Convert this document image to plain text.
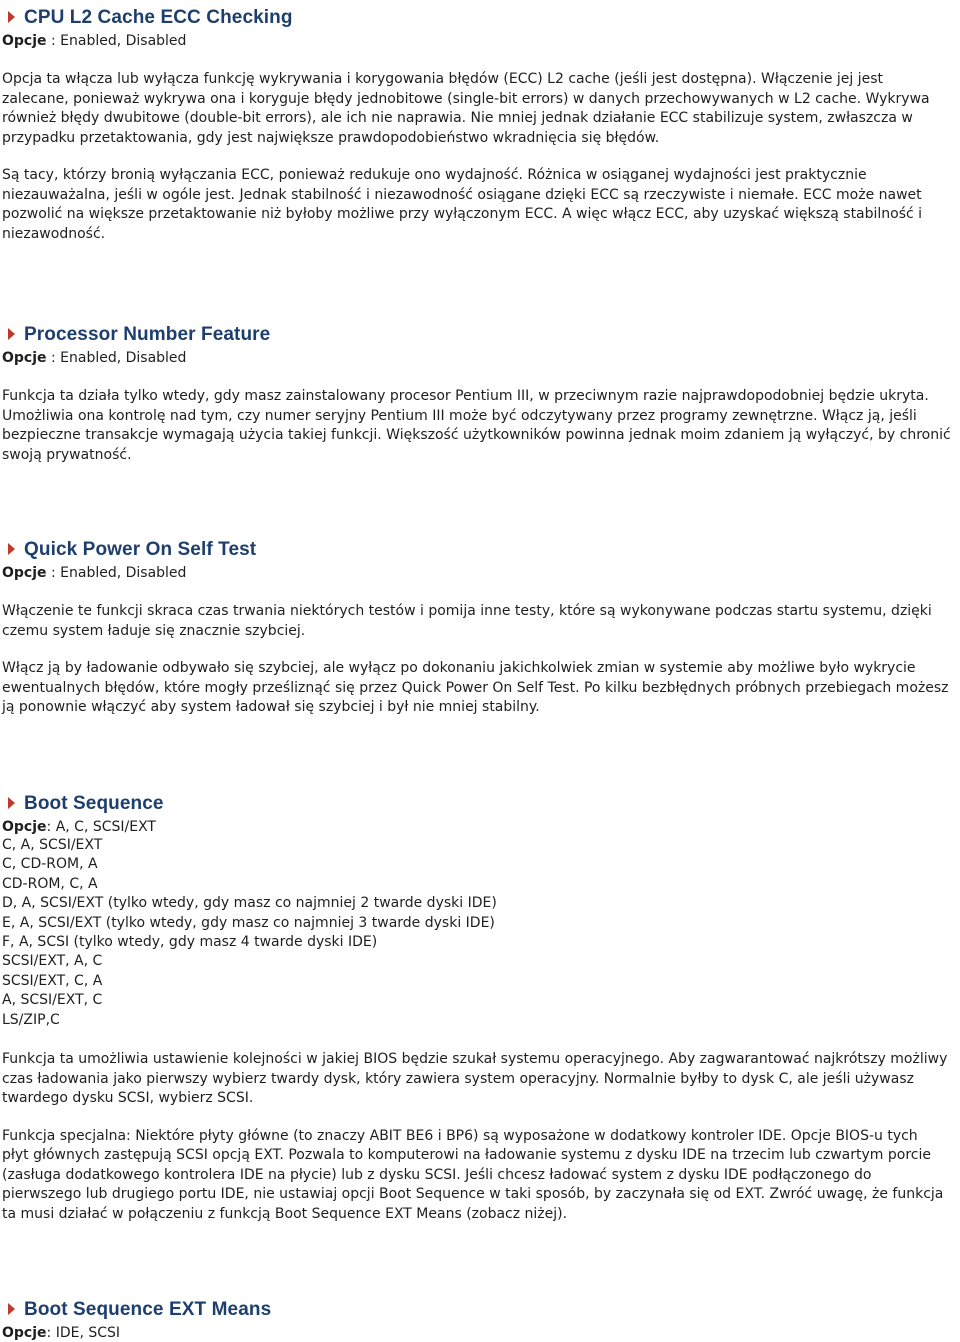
CPU L2 Cache ECC Checking
Opcje : Enabled, Disabled
Opcja ta włącza lub wyłącza funkcję wykrywania i korygowania błędów (ECC) L2 cache (jeśli jest dostępna). Włączenie jej jest
zalecane, ponieważ wykrywa ona i koryguje błędy jednobitowe (single-bit errors) w danych przechowywanych w L2 cache. Wykrywa
również błędy dwubitowe (double-bit errors), ale ich nie naprawia. Nie mniej jednak działanie ECC stabilizuje system, zwłaszcza w
przypadku przetaktowania, gdy jest największe prawdopodobieństwo wkradnięcia się błędów.
Są tacy, którzy bronią wyłączania ECC, ponieważ redukuje ono wydajność. Różnica w osiąganej wydajności jest praktycznie
niezauważalna, jeśli w ogóle jest. Jednak stabilność i niezawodność osiągane dzięki ECC są rzeczywiste i niemałe. ECC może nawet
pozwolić na większe przetaktowanie niż byłoby możliwe przy wyłączonym ECC. A więc włącz ECC, aby uzyskać większą stabilność i
niezawodność.
Processor Number Feature
Opcje : Enabled, Disabled
Funkcja ta działa tylko wtedy, gdy masz zainstalowany procesor Pentium III, w przeciwnym razie najprawdopodobniej będzie ukryta.
Umożliwia ona kontrolę nad tym, czy numer seryjny Pentium III może być odczytywany przez programy zewnętrzne. Włącz ją, jeśli
bezpieczne transakcje wymagają użycia takiej funkcji. Większość użytkowników powinna jednak moim zdaniem ją wyłączyć, by chronić
swoją prywatność.
Quick Power On Self Test
Opcje : Enabled, Disabled
Włączenie te funkcji skraca czas trwania niektórych testów i pomija inne testy, które są wykonywane podczas startu systemu, dzięki
czemu system ładuje się znacznie szybciej.
Włącz ją by ładowanie odbywało się szybciej, ale wyłącz po dokonaniu jakichkolwiek zmian w systemie aby możliwe było wykrycie
ewentualnych błędów, które mogły prześliznąć się przez Quick Power On Self Test. Po kilku bezbłędnych próbnych przebiegach możesz
ją ponownie włączyć aby system ładował się szybciej i był nie mniej stabilny.
Boot Sequence
Opcje: A, C, SCSI/EXT
C, A, SCSI/EXT
C, CD-ROM, A
CD-ROM, C, A
D, A, SCSI/EXT (tylko wtedy, gdy masz co najmniej 2 twarde dyski IDE)
E, A, SCSI/EXT (tylko wtedy, gdy masz co najmniej 3 twarde dyski IDE)
F, A, SCSI (tylko wtedy, gdy masz 4 twarde dyski IDE)
SCSI/EXT, A, C
SCSI/EXT, C, A
A, SCSI/EXT, C
LS/ZIP,C
Funkcja ta umożliwia ustawienie kolejności w jakiej BIOS będzie szukał systemu operacyjnego. Aby zagwarantować najkrótszy możliwy
czas ładowania jako pierwszy wybierz twardy dysk, który zawiera system operacyjny. Normalnie byłby to dysk C, ale jeśli używasz
twardego dysku SCSI, wybierz SCSI.
Funkcja specjalna: Niektóre płyty główne (to znaczy ABIT BE6 i BP6) są wyposażone w dodatkowy kontroler IDE. Opcje BIOS-u tych
płyt głównych zastępują SCSI opcją EXT. Pozwala to komputerowi na ładowanie systemu z dysku IDE na trzecim lub czwartym porcie
(zasługa dodatkowego kontrolera IDE na płycie) lub z dysku SCSI. Jeśli chcesz ładować system z dysku IDE podłączonego do
pierwszego lub drugiego portu IDE, nie ustawiaj opcji Boot Sequence w taki sposób, by zaczynała się od EXT. Zwróć uwagę, że funkcja
ta musi działać w połączeniu z funkcją Boot Sequence EXT Means (zobacz niżej).
Boot Sequence EXT Means
Opcje: IDE, SCSI
